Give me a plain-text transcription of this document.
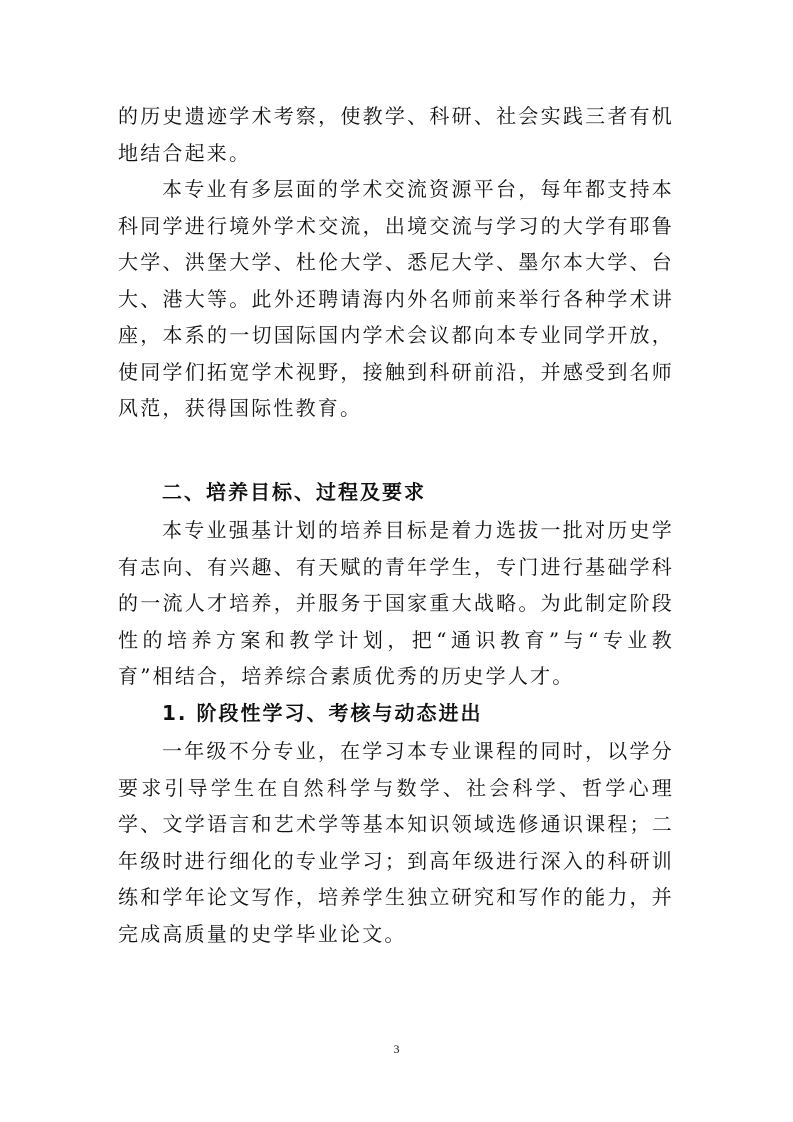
的历史遗迹学术考察，使教学、科研、社会实践三者有机地结合起来。

本专业有多层面的学术交流资源平台，每年都支持本科同学进行境外学术交流，出境交流与学习的大学有耶鲁大学、洪堡大学、杜伦大学、悉尼大学、墨尔本大学、台大、港大等。此外还聘请海内外名师前来举行各种学术讲座，本系的一切国际国内学术会议都向本专业同学开放，使同学们拓宽学术视野，接触到科研前沿，并感受到名师风范，获得国际性教育。

二、培养目标、过程及要求

本专业强基计划的培养目标是着力选拔一批对历史学有志向、有兴趣、有天赋的青年学生，专门进行基础学科的一流人才培养，并服务于国家重大战略。为此制定阶段性的培养方案和教学计划，把“通识教育”与“专业教育”相结合，培养综合素质优秀的历史学人才。

1. 阶段性学习、考核与动态进出

一年级不分专业，在学习本专业课程的同时，以学分要求引导学生在自然科学与数学、社会科学、哲学心理学、文学语言和艺术学等基本知识领域选修通识课程；二年级时进行细化的专业学习；到高年级进行深入的科研训练和学年论文写作，培养学生独立研究和写作的能力，并完成高质量的史学毕业论文。

3
